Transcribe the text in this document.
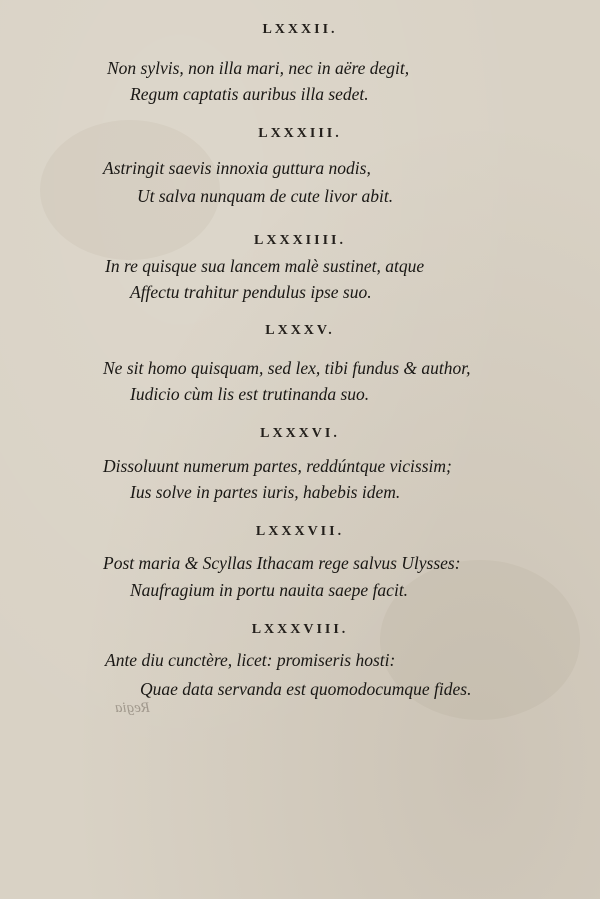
LXXXII.
Non sylvis, non illa mari, nec in aëre degit,
Regum captatis auribus illa sedet.
LXXXIII.
Astringit saevis innoxia guttura nodis,
Ut salva nunquam de cute livor abit.
LXXXIIII.
In re quisque sua lancem malè sustinet, atque
Affectu trahitur pendulus ipse suo.
LXXXV.
Ne sit homo quisquam, sed lex, tibi fundus & author,
Iudicio cùm lis est trutinanda suo.
LXXXVI.
Dissoluunt numerum partes, reddúntque vicissim;
Ius solve in partes iuris, habebis idem.
LXXXVII.
Post maria & Scyllas Ithacam rege salvus Ulysses:
Naufragium in portu nauita saepe facit.
LXXXVIII.
Ante diu cunctère, licet: promiseris hosti:
Quae data servanda est quomodocumque fides.
Regia
